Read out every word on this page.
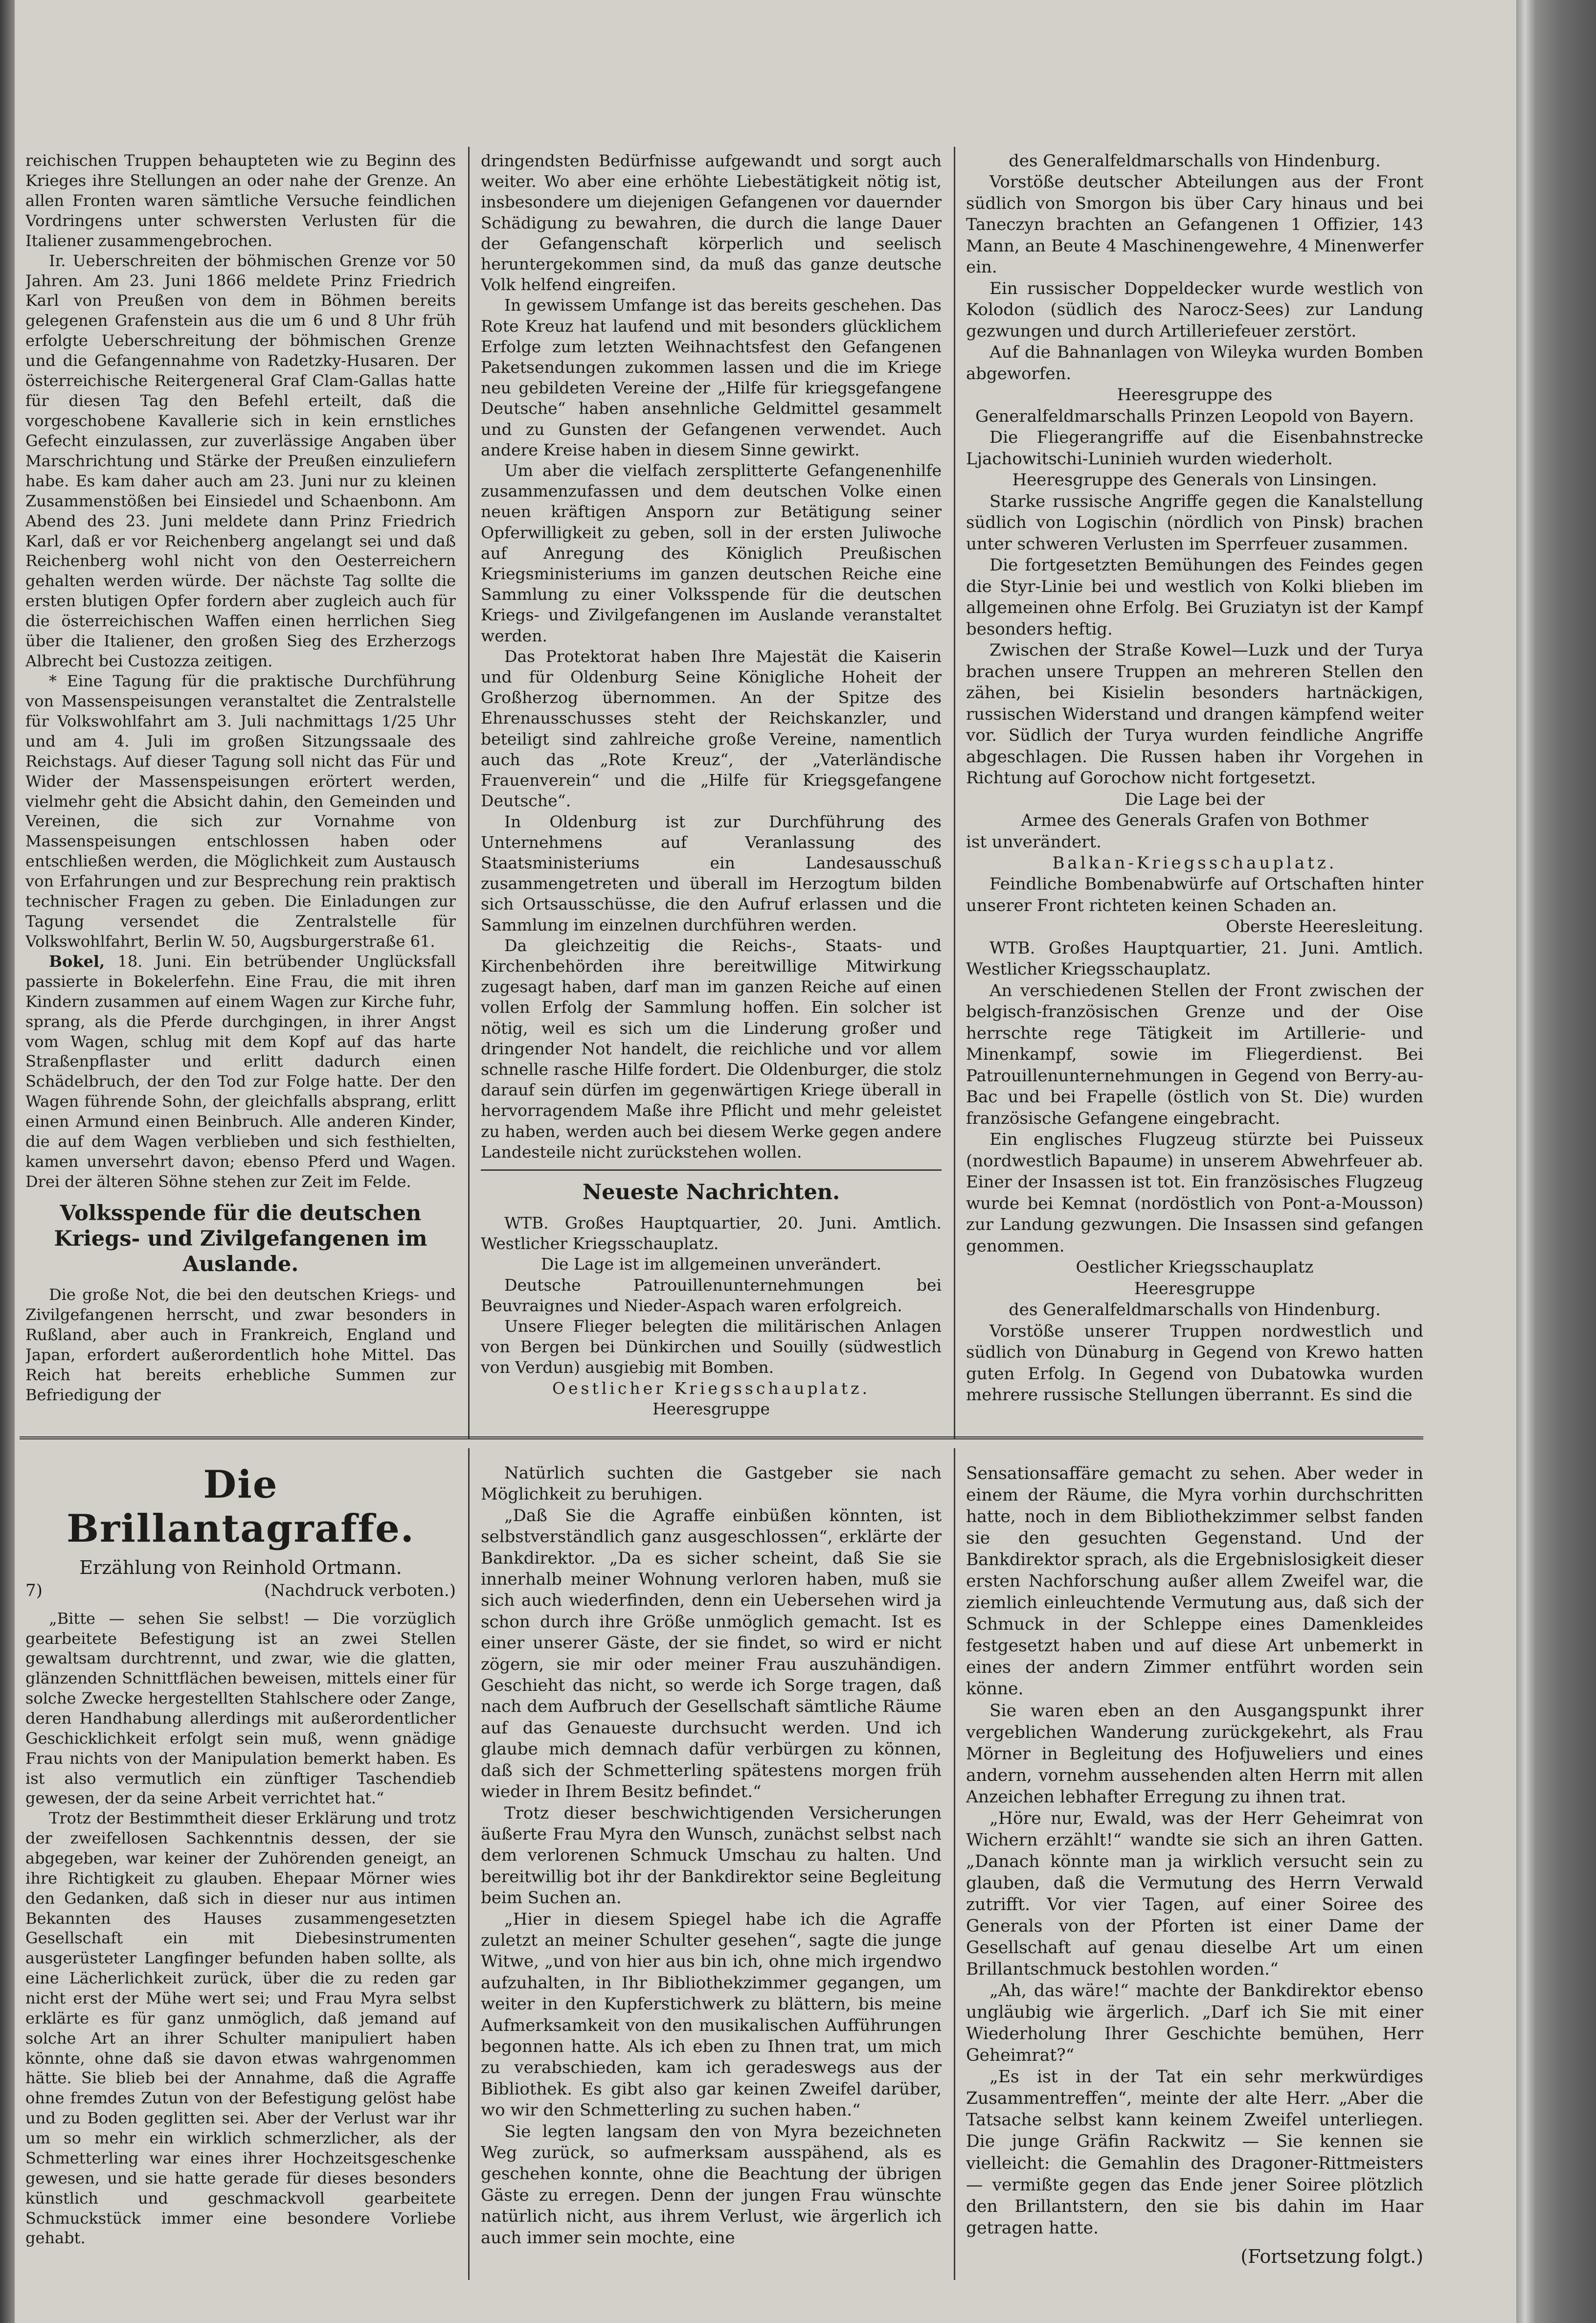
reichischen Truppen behaupteten wie zu Beginn des Krieges ihre Stellungen an oder nahe der Grenze. An allen Fronten waren sämtliche Versuche feindlichen Vordringens unter schwersten Verlusten für die Italiener zusammengebrochen.

Ir. Ueberschreiten der böhmischen Grenze vor 50 Jahren. Am 23. Juni 1866 meldete Prinz Friedrich Karl von Preußen von dem in Böhmen bereits gelegenen Grafenstein aus die um 6 und 8 Uhr früh erfolgte Ueberschreitung der böhmischen Grenze und die Gefangennahme von Radetzky-Husaren. Der österreichische Reitergeneral Graf Clam-Gallas hatte für diesen Tag den Befehl erteilt, daß die vorgeschobene Kavallerie sich in kein ernstliches Gefecht einzulassen, zur zuverlässige Angaben über Marschrichtung und Stärke der Preußen einzuliefern habe. Es kam daher auch am 23. Juni nur zu kleinen Zusammenstößen bei Einsiedel und Schaenbonn. Am Abend des 23. Juni meldete dann Prinz Friedrich Karl, daß er vor Reichenberg angelangt sei und daß Reichenberg wohl nicht von den Oesterreichern gehalten werden würde. Der nächste Tag sollte die ersten blutigen Opfer fordern aber zugleich auch für die österreichischen Waffen einen herrlichen Sieg über die Italiener, den großen Sieg des Erzherzogs Albrecht bei Custozza zeitigen.

* Eine Tagung für die praktische Durchführung von Massenspeisungen veranstaltet die Zentralstelle für Volkswohlfahrt am 3. Juli nachmittags 1/25 Uhr und am 4. Juli im großen Sitzungssaale des Reichstags. Auf dieser Tagung soll nicht das Für und Wider der Massenspeisungen erörtert werden, vielmehr geht die Absicht dahin, den Gemeinden und Vereinen, die sich zur Vornahme von Massenspeisungen entschlossen haben oder entschließen werden, die Möglichkeit zum Austausch von Erfahrungen und zur Besprechung rein praktisch technischer Fragen zu geben. Die Einladungen zur Tagung versendet die Zentralstelle für Volkswohlfahrt, Berlin W. 50, Augsburgerstraße 61.

Bokel, 18. Juni. Ein betrübender Unglücksfall passierte in Bokelerfehn. Eine Frau, die mit ihren Kindern zusammen auf einem Wagen zur Kirche fuhr, sprang, als die Pferde durchgingen, in ihrer Angst vom Wagen, schlug mit dem Kopf auf das harte Straßenpflaster und erlitt dadurch einen Schädelbruch, der den Tod zur Folge hatte. Der den Wagen führende Sohn, der gleichfalls absprang, erlitt einen Armund einen Beinbruch. Alle anderen Kinder, die auf dem Wagen verblieben und sich festhielten, kamen unversehrt davon; ebenso Pferd und Wagen. Drei der älteren Söhne stehen zur Zeit im Felde.

Volksspende für die deutschen Kriegs- und Zivilgefangenen im Auslande.

Die große Not, die bei den deutschen Kriegs- und Zivilgefangenen herrscht, und zwar besonders in Rußland, aber auch in Frankreich, England und Japan, erfordert außerordentlich hohe Mittel. Das Reich hat bereits erhebliche Summen zur Befriedigung der

dringendsten Bedürfnisse aufgewandt und sorgt auch weiter. Wo aber eine erhöhte Liebestätigkeit nötig ist, insbesondere um diejenigen Gefangenen vor dauernder Schädigung zu bewahren, die durch die lange Dauer der Gefangenschaft körperlich und seelisch heruntergekommen sind, da muß das ganze deutsche Volk helfend eingreifen.

In gewissem Umfange ist das bereits geschehen. Das Rote Kreuz hat laufend und mit besonders glücklichem Erfolge zum letzten Weihnachtsfest den Gefangenen Paketsendungen zukommen lassen und die im Kriege neu gebildeten Vereine der „Hilfe für kriegsgefangene Deutsche“ haben ansehnliche Geldmittel gesammelt und zu Gunsten der Gefangenen verwendet. Auch andere Kreise haben in diesem Sinne gewirkt.

Um aber die vielfach zersplitterte Gefangenenhilfe zusammenzufassen und dem deutschen Volke einen neuen kräftigen Ansporn zur Betätigung seiner Opferwilligkeit zu geben, soll in der ersten Juliwoche auf Anregung des Königlich Preußischen Kriegsministeriums im ganzen deutschen Reiche eine Sammlung zu einer Volksspende für die deutschen Kriegs- und Zivilgefangenen im Auslande veranstaltet werden.

Das Protektorat haben Ihre Majestät die Kaiserin und für Oldenburg Seine Königliche Hoheit der Großherzog übernommen. An der Spitze des Ehrenausschusses steht der Reichskanzler, und beteiligt sind zahlreiche große Vereine, namentlich auch das „Rote Kreuz“, der „Vaterländische Frauenverein“ und die „Hilfe für Kriegsgefangene Deutsche“.

In Oldenburg ist zur Durchführung des Unternehmens auf Veranlassung des Staatsministeriums ein Landesausschuß zusammengetreten und überall im Herzogtum bilden sich Ortsausschüsse, die den Aufruf erlassen und die Sammlung im einzelnen durchführen werden.

Da gleichzeitig die Reichs-, Staats- und Kirchenbehörden ihre bereitwillige Mitwirkung zugesagt haben, darf man im ganzen Reiche auf einen vollen Erfolg der Sammlung hoffen. Ein solcher ist nötig, weil es sich um die Linderung großer und dringender Not handelt, die reichliche und vor allem schnelle rasche Hilfe fordert. Die Oldenburger, die stolz darauf sein dürfen im gegenwärtigen Kriege überall in hervorragendem Maße ihre Pflicht und mehr geleistet zu haben, werden auch bei diesem Werke gegen andere Landesteile nicht zurückstehen wollen.

Neueste Nachrichten.

WTB. Großes Hauptquartier, 20. Juni. Amtlich. Westlicher Kriegsschauplatz.

Die Lage ist im allgemeinen unverändert.

Deutsche Patrouillenunternehmungen bei Beuvraignes und Nieder-Aspach waren erfolgreich.

Unsere Flieger belegten die militärischen Anlagen von Bergen bei Dünkirchen und Souilly (südwestlich von Verdun) ausgiebig mit Bomben.

Oestlicher Kriegsschauplatz.

Heeresgruppe

des Generalfeldmarschalls von Hindenburg.

Vorstöße deutscher Abteilungen aus der Front südlich von Smorgon bis über Cary hinaus und bei Taneczyn brachten an Gefangenen 1 Offizier, 143 Mann, an Beute 4 Maschinengewehre, 4 Minenwerfer ein.

Ein russischer Doppeldecker wurde westlich von Kolodon (südlich des Narocz-Sees) zur Landung gezwungen und durch Artilleriefeuer zerstört.

Auf die Bahnanlagen von Wileyka wurden Bomben abgeworfen.

Heeresgruppe des

Generalfeldmarschalls Prinzen Leopold von Bayern.

Die Fliegerangriffe auf die Eisenbahnstrecke Ljachowitschi-Luninieh wurden wiederholt.

Heeresgruppe des Generals von Linsingen.

Starke russische Angriffe gegen die Kanalstellung südlich von Logischin (nördlich von Pinsk) brachen unter schweren Verlusten im Sperrfeuer zusammen.

Die fortgesetzten Bemühungen des Feindes gegen die Styr-Linie bei und westlich von Kolki blieben im allgemeinen ohne Erfolg. Bei Gruziatyn ist der Kampf besonders heftig.

Zwischen der Straße Kowel—Luzk und der Turya brachen unsere Truppen an mehreren Stellen den zähen, bei Kisielin besonders hartnäckigen, russischen Widerstand und drangen kämpfend weiter vor. Südlich der Turya wurden feindliche Angriffe abgeschlagen. Die Russen haben ihr Vorgehen in Richtung auf Gorochow nicht fortgesetzt.

Die Lage bei der

Armee des Generals Grafen von Bothmer

ist unverändert.

Balkan-Kriegsschauplatz.

Feindliche Bombenabwürfe auf Ortschaften hinter unserer Front richteten keinen Schaden an.

Oberste Heeresleitung.

WTB. Großes Hauptquartier, 21. Juni. Amtlich. Westlicher Kriegsschauplatz.

An verschiedenen Stellen der Front zwischen der belgisch-französischen Grenze und der Oise herrschte rege Tätigkeit im Artillerie- und Minenkampf, sowie im Fliegerdienst. Bei Patrouillenunternehmungen in Gegend von Berry-au-Bac und bei Frapelle (östlich von St. Die) wurden französische Gefangene eingebracht.

Ein englisches Flugzeug stürzte bei Puisseux (nordwestlich Bapaume) in unserem Abwehrfeuer ab. Einer der Insassen ist tot. Ein französisches Flugzeug wurde bei Kemnat (nordöstlich von Pont-a-Mousson) zur Landung gezwungen. Die Insassen sind gefangen genommen.

Oestlicher Kriegsschauplatz

Heeresgruppe

des Generalfeldmarschalls von Hindenburg.

Vorstöße unserer Truppen nordwestlich und südlich von Dünaburg in Gegend von Krewo hatten guten Erfolg. In Gegend von Dubatowka wurden mehrere russische Stellungen überrannt. Es sind die

Die Brillantagraffe.
Erzählung von Reinhold Ortmann.
7)	(Nachdruck verboten.)

„Bitte — sehen Sie selbst! — Die vorzüglich gearbeitete Befestigung ist an zwei Stellen gewaltsam durchtrennt, und zwar, wie die glatten, glänzenden Schnittflächen beweisen, mittels einer für solche Zwecke hergestellten Stahlschere oder Zange, deren Handhabung allerdings mit außerordentlicher Geschicklichkeit erfolgt sein muß, wenn gnädige Frau nichts von der Manipulation bemerkt haben. Es ist also vermutlich ein zünftiger Taschendieb gewesen, der da seine Arbeit verrichtet hat.“

Trotz der Bestimmtheit dieser Erklärung und trotz der zweifellosen Sachkenntnis dessen, der sie abgegeben, war keiner der Zuhörenden geneigt, an ihre Richtigkeit zu glauben. Ehepaar Mörner wies den Gedanken, daß sich in dieser nur aus intimen Bekannten des Hauses zusammengesetzten Gesellschaft ein mit Diebesinstrumenten ausgerüsteter Langfinger befunden haben sollte, als eine Lächerlichkeit zurück, über die zu reden gar nicht erst der Mühe wert sei; und Frau Myra selbst erklärte es für ganz unmöglich, daß jemand auf solche Art an ihrer Schulter manipuliert haben könnte, ohne daß sie davon etwas wahrgenommen hätte. Sie blieb bei der Annahme, daß die Agraffe ohne fremdes Zutun von der Befestigung gelöst habe und zu Boden geglitten sei. Aber der Verlust war ihr um so mehr ein wirklich schmerzlicher, als der Schmetterling war eines ihrer Hochzeitsgeschenke gewesen, und sie hatte gerade für dieses besonders künstlich und geschmackvoll gearbeitete Schmuckstück immer eine besondere Vorliebe gehabt.

Natürlich suchten die Gastgeber sie nach Möglichkeit zu beruhigen.

„Daß Sie die Agraffe einbüßen könnten, ist selbstverständlich ganz ausgeschlossen“, erklärte der Bankdirektor. „Da es sicher scheint, daß Sie sie innerhalb meiner Wohnung verloren haben, muß sie sich auch wiederfinden, denn ein Uebersehen wird ja schon durch ihre Größe unmöglich gemacht. Ist es einer unserer Gäste, der sie findet, so wird er nicht zögern, sie mir oder meiner Frau auszuhändigen. Geschieht das nicht, so werde ich Sorge tragen, daß nach dem Aufbruch der Gesellschaft sämtliche Räume auf das Genaueste durchsucht werden. Und ich glaube mich demnach dafür verbürgen zu können, daß sich der Schmetterling spätestens morgen früh wieder in Ihrem Besitz befindet.“

Trotz dieser beschwichtigenden Versicherungen äußerte Frau Myra den Wunsch, zunächst selbst nach dem verlorenen Schmuck Umschau zu halten. Und bereitwillig bot ihr der Bankdirektor seine Begleitung beim Suchen an.

„Hier in diesem Spiegel habe ich die Agraffe zuletzt an meiner Schulter gesehen“, sagte die junge Witwe, „und von hier aus bin ich, ohne mich irgendwo aufzuhalten, in Ihr Bibliothekzimmer gegangen, um weiter in den Kupferstichwerk zu blättern, bis meine Aufmerksamkeit von den musikalischen Aufführungen begonnen hatte. Als ich eben zu Ihnen trat, um mich zu verabschieden, kam ich geradeswegs aus der Bibliothek. Es gibt also gar keinen Zweifel darüber, wo wir den Schmetterling zu suchen haben.“

Sie legten langsam den von Myra bezeichneten Weg zurück, so aufmerksam ausspähend, als es geschehen konnte, ohne die Beachtung der übrigen Gäste zu erregen. Denn der jungen Frau wünschte natürlich nicht, aus ihrem Verlust, wie ärgerlich ich auch immer sein mochte, eine

Sensationsaffäre gemacht zu sehen. Aber weder in einem der Räume, die Myra vorhin durchschritten hatte, noch in dem Bibliothekzimmer selbst fanden sie den gesuchten Gegenstand. Und der Bankdirektor sprach, als die Ergebnislosigkeit dieser ersten Nachforschung außer allem Zweifel war, die ziemlich einleuchtende Vermutung aus, daß sich der Schmuck in der Schleppe eines Damenkleides festgesetzt haben und auf diese Art unbemerkt in eines der andern Zimmer entführt worden sein könne.

Sie waren eben an den Ausgangspunkt ihrer vergeblichen Wanderung zurückgekehrt, als Frau Mörner in Begleitung des Hofjuweliers und eines andern, vornehm aussehenden alten Herrn mit allen Anzeichen lebhafter Erregung zu ihnen trat.

„Höre nur, Ewald, was der Herr Geheimrat von Wichern erzählt!“ wandte sie sich an ihren Gatten. „Danach könnte man ja wirklich versucht sein zu glauben, daß die Vermutung des Herrn Verwald zutrifft. Vor vier Tagen, auf einer Soiree des Generals von der Pforten ist einer Dame der Gesellschaft auf genau dieselbe Art um einen Brillantschmuck bestohlen worden.“

„Ah, das wäre!“ machte der Bankdirektor ebenso ungläubig wie ärgerlich. „Darf ich Sie mit einer Wiederholung Ihrer Geschichte bemühen, Herr Geheimrat?“

„Es ist in der Tat ein sehr merkwürdiges Zusammentreffen“, meinte der alte Herr. „Aber die Tatsache selbst kann keinem Zweifel unterliegen. Die junge Gräfin Rackwitz — Sie kennen sie vielleicht: die Gemahlin des Dragoner-Rittmeisters — vermißte gegen das Ende jener Soiree plötzlich den Brillantstern, den sie bis dahin im Haar getragen hatte.

(Fortsetzung folgt.)
